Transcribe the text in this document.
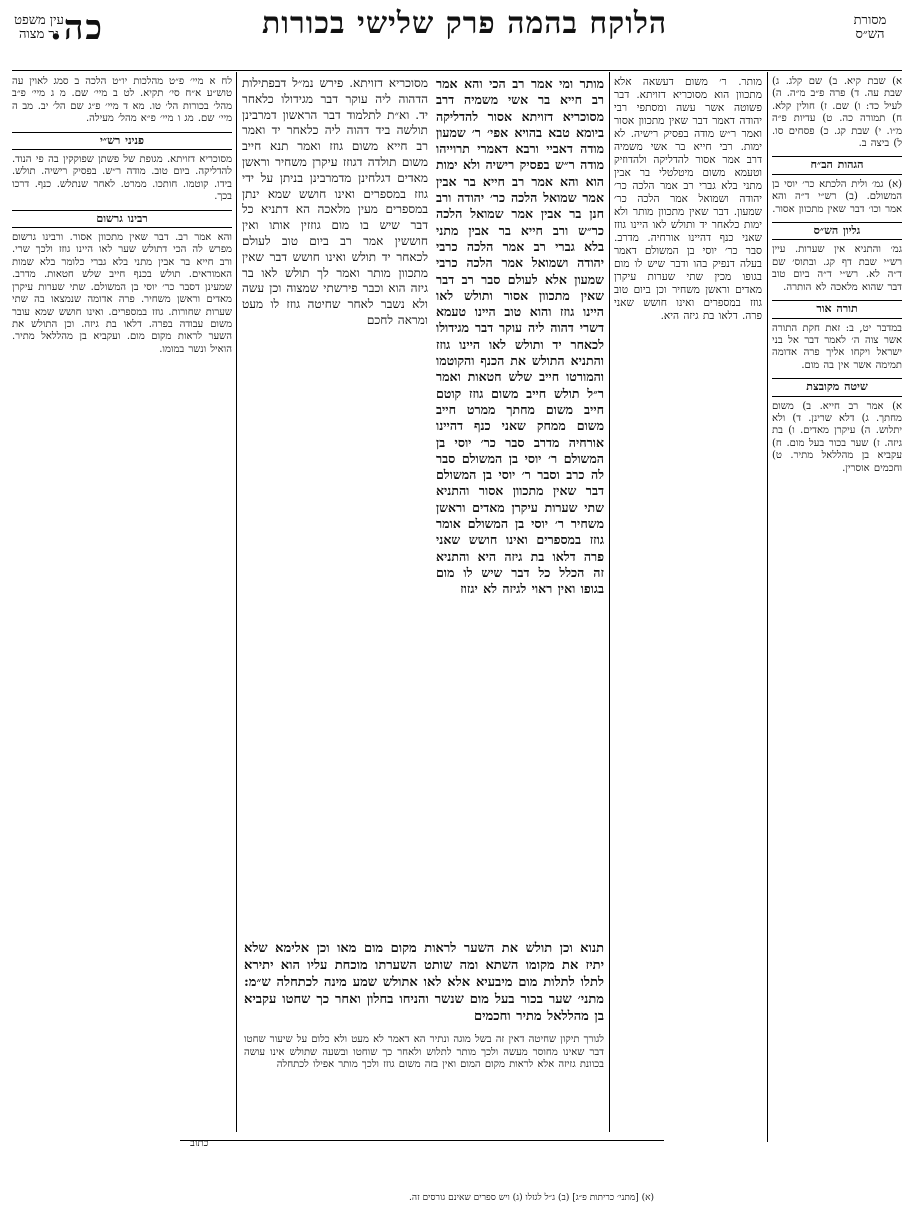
מסורת הש״ס
הלוקח בהמה פרק שלישי בכורות
כה.
עין משפט נר מצוה

א) שבת קיא. ב) שם קלג. ג) שבת עה. ד) פרה פ״ב מ״ה. ה) לעיל כד: ו) שם. ז) חולין קלא. ח) תמורה כה. ט) עדיות פ״ה מ״ו. י) שבת קג. כ) פסחים סו. ל) ביצה ב.

הגהות הב״ח

(א) גמ׳ ולית הלכתא כר׳ יוסי בן המשולם. (ב) רש״י ד״ה והא אמר וכו׳ דבר שאין מתכוון אסור.

גליון הש״ס

גמ׳ והתניא אין שערות. עיין רש״י שבת דף קג. ובתוס׳ שם ד״ה לא. רש״י ד״ה ביום טוב דבר שהוא מלאכה לא הותרה.

תורה אור

במדבר יט, ב: זאת חקת התורה אשר צוה ה׳ לאמר דבר אל בני ישראל ויקחו אליך פרה אדומה תמימה אשר אין בה מום.

שיטה מקובצת

א) אמר רב חייא. ב) משום מחתך. ג) דלא שרינן. ד) ולא יתלוש. ה) עיקרן מאדים. ו) בת גיזה. ז) שער בכור בעל מום. ח) עקביא בן מהללאל מתיר. ט) וחכמים אוסרין.

מותר. ר׳ משום דעשאה אלא מתכוון הוא מסוכריא דזויתא. דבר פשוטה אשר עשה ומסתפי רבי יהודה דאמר דבר שאין מתכוון אסור ואמר ר״ש מודה בפסיק רישיה. לא ימות. רבי חייא בר אשי משמיה דרב אמר אסור להדליקה ולהדוזיק וטעמא משום מיטלטלי בר אבין מתני בלא גברי רב אמר הלכה כר׳ יהודה ושמואל אמר הלכה כר׳ שמעון. דבר שאין מתכוון מותר ולא ימות כלאחר יד ותולש לאו היינו גוזז שאני כנף דהיינו אורחיה. מדרב. סבר כר׳ יוסי בן המשולם דאמר בעלה דנפיק בהו ודבר שיש לו מום בגופו מכין שתי שערות עיקרן מאדים וראשן משחיר וכן ביום טוב גוזז במספרים ואינו חושש שאני פרה. דלאו בת גיזה היא.

מותר ומי אמר רב הכי והא אמר רב חייא בר אשי משמיה דרב מסוכריא דזויתא אסור להדליקה ביומא טבא בהויא אפי׳ ר׳ שמעון מודה דאביי ורבא דאמרי תרוייהו מודה ר״ש בפסיק רישיה ולא ימות הוא והא אמר רב חייא בר אבין אמר שמואל הלכה כר׳ יהודה ורב חנן בר אבין אמר שמואל הלכה כר״ש ורב חייא בר אבין מתני בלא גברי רב אמר הלכה כרבי יהודה ושמואל אמר הלכה כרבי שמעון אלא לעולם סבר רב דבר שאין מתכוון אסור ותולש לאו היינו גוזז והוא טוב היינו טעמא דשרי דהוה ליה עוקר דבר מגידולו לכאחר יד ותולש לאו היינו גוזז והתניא התולש את הכנף והקוטמו והמורטו חייב שלש חטאות ואמר ר״ל תולש חייב משום גוזז קוטם חייב משום מחתך ממרט חייב משום ממחק שאני כנף דהיינו אורחיה מדרב סבר כר׳ יוסי בן המשולם ר׳ יוסי בן המשולם סבר לה כרב וסבר ר׳ יוסי בן המשולם דבר שאין מתכוון אסור והתניא שתי שערות עיקרן מאדים וראשן משחיר ר׳ יוסי בן המשולם אומר גוזז במספרים ואינו חושש שאני פרה דלאו בת גיזה היא והתניא זה הכלל כל דבר שיש לו מום בגופו ואין ראוי לגיזה לא יגזוז

מסוכריא דזויתא. פירש נמ״ל דבפתילות הדהוה ליה עוקר דבר מגידולו כלאחר יד. וא״ת לתלמוד דבר הראשון דמרבינן תולשה ביד דהוה ליה כלאחר יד ואמר רב חייא משום גוזז ואמר תנא חייב משום תולדה דגוזז עיקרן משחיר וראשן מאדים דגלחינן מדמרבינן בניתן על ידי גוזז במספרים ואינו חושש שמא ינתן במספרים מעין מלאכה הא דתניא כל דבר שיש בו מום גוזזין אותו ואין חוששין אמר רב ביום טוב לעולם לכאחר יד תולש ואינו חושש דבר שאין מתכוון מותר ואמר לך תולש לאו בר גיזה הוא וכבר פירשתי שמצוה וכן עשה ולא נשבר לאחר שחיטה גוזז לו מעט ומראה לחכם

תנוא וכן תולש את השער לראות מקום מום מאו וכן אלימא שלא יתיז את מקומו השתא ומה שותט השערתו מוכחת עליו הוא יתירא לתלו לתלות מום מיבעיא אלא לאו אתולש שמע מינה לכתחלה ש״מ: מתני׳ שער בכור בעל מום שנשר והניחו בחלון ואחר כך שחטו עקביא בן מהללאל מתיר וחכמים

לגורך תיקון שחיטה דאין זה בשל מוגה ונתיר הא דאמר לא מעט ולא כלום על שיעור שחטו דבר שאינו מחוסר מעשה ולכך מותר לתלוש ולאחר כך שוחטו ובשעה שתולש אינו עושה בכוונת גזיזה אלא לראות מקום המום ואין בזה משום גוזז ולכך מותר אפילו לכתחלה

לח א מיי׳ פ״ט מהלכות יו״ט הלכה ב סמג לאוין עה טוש״ע א״ח סי׳ תקיא. לט ב מיי׳ שם. מ ג מיי׳ פ״ב מהל׳ בכורות הל׳ טו. מא ד מיי׳ פ״ג שם הל׳ יב. מב ה מיי׳ שם. מג ו מיי׳ פ״א מהל׳ מעילה.

פניני רש״י

מסוכריא דזויתא. מגופת של פשתן שפוקקין בה פי הנוד. להדליקה. ביום טוב. מודה ר״ש. בפסיק רישיה. תולש. בידו. קוטמו. חותכו. ממרט. לאחר שנתלש. כנף. דרכו בכך.

רבינו גרשום

והא אמר רב. דבר שאין מתכוון אסור. ורבינו גרשום מפרש לה הכי דתולש שער לאו היינו גוזז ולכך שרי. ורב חייא בר אבין מתני בלא גברי כלומר בלא שמות האמוראים. תולש בכנף חייב שלש חטאות. מדרב. שמעינן דסבר כר׳ יוסי בן המשולם. שתי שערות עיקרן מאדים וראשן משחיר. פרה אדומה שנמצאו בה שתי שערות שחורות. גוזז במספרים. ואינו חושש שמא עובר משום עבודה בפרה. דלאו בת גיזה. וכן התולש את השער לראות מקום מום. ועקביא בן מהללאל מתיר. הואיל ונשר במומו.

כתוב
(א) [מתני׳ כריתות פ״ג] (ב) ג״ל לגזלו (ג) ויש ספרים שאינם גורסים זה.
